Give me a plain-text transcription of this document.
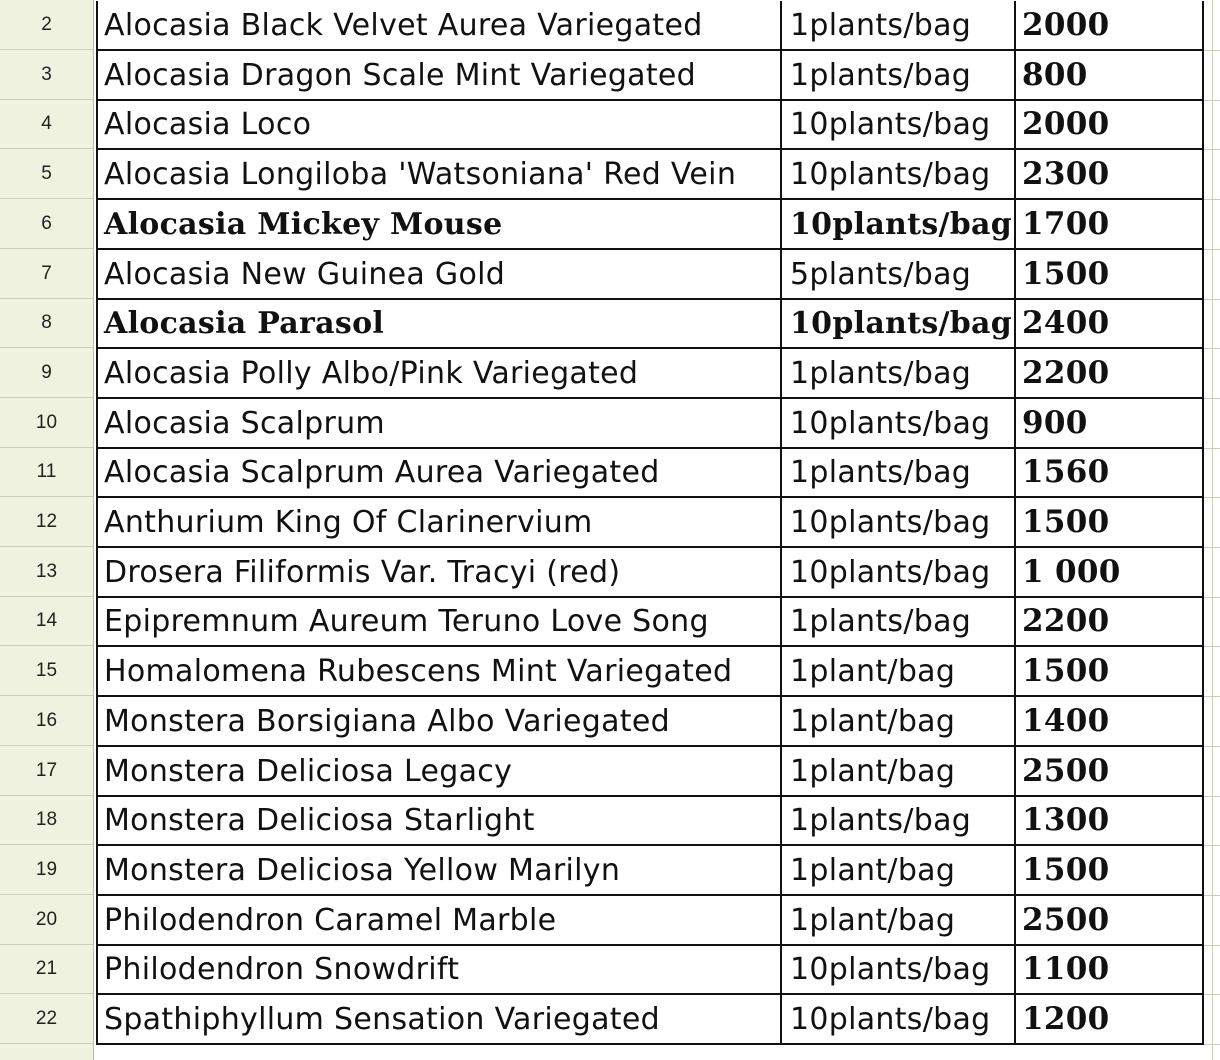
2
3
4
5
6
7
8
9
10
11
12
13
14
15
16
17
18
19
20
21
22
Alocasia Black Velvet Aurea Variegated	1plants/bag	2000
Alocasia Dragon Scale Mint Variegated	1plants/bag	800
Alocasia Loco	10plants/bag	2000
Alocasia Longiloba 'Watsoniana' Red Vein	10plants/bag	2300
Alocasia Mickey Mouse	10plants/bag 1700
Alocasia New Guinea Gold	5plants/bag	1500
Alocasia Parasol	10plants/bag 2400
Alocasia Polly Albo/Pink Variegated	1plants/bag	2200
Alocasia Scalprum	10plants/bag	900
Alocasia Scalprum Aurea Variegated	1plants/bag	1560
Anthurium King Of Clarinervium	10plants/bag	1500
Drosera Filiformis Var. Tracyi (red)	10plants/bag	1 000
Epipremnum Aureum Teruno Love Song	1plants/bag	2200
Homalomena Rubescens Mint Variegated	1plant/bag	1500
Monstera Borsigiana Albo Variegated	1plant/bag	1400
Monstera Deliciosa Legacy	1plant/bag	2500
Monstera Deliciosa Starlight	1plants/bag	1300
Monstera Deliciosa Yellow Marilyn	1plant/bag	1500
Philodendron Caramel Marble	1plant/bag	2500
Philodendron Snowdrift	10plants/bag	1100
Spathiphyllum Sensation Variegated	10plants/bag	1200
